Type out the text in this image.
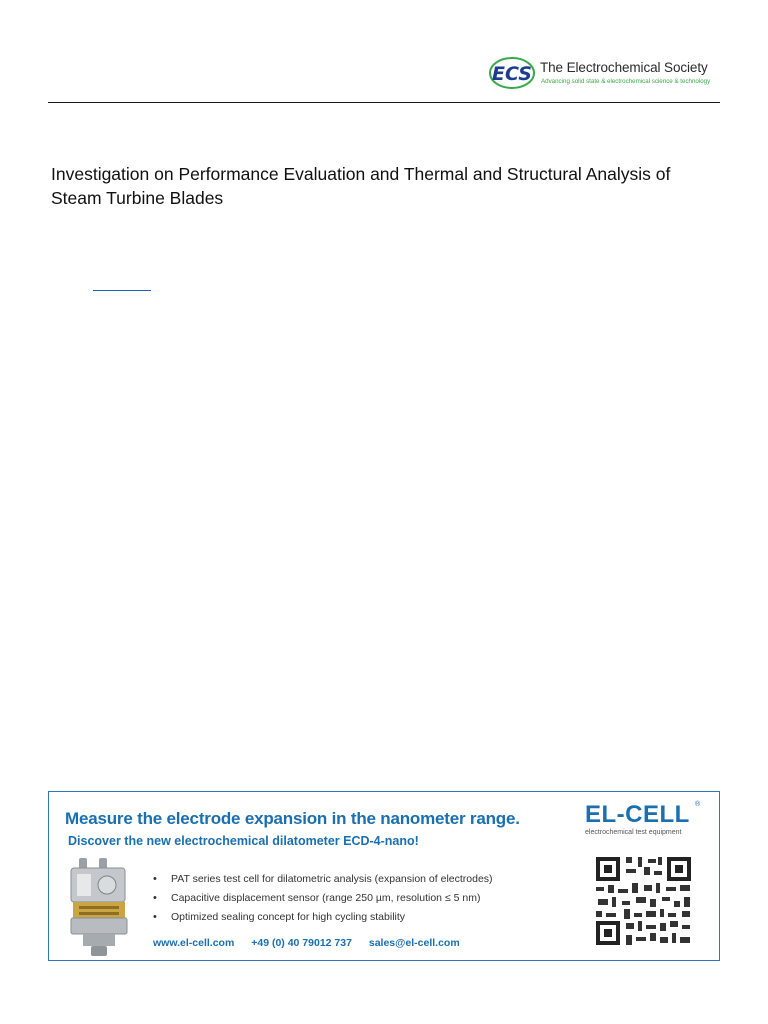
ECS The Electrochemical Society
Advancing solid state & electrochemical science & technology
Investigation on Performance Evaluation and Thermal and Structural Analysis of Steam Turbine Blades
Measure the electrode expansion in the nanometer range.
Discover the new electrochemical dilatometer ECD-4-nano!
EL-CELL ®
electrochemical test equipment
• PAT series test cell for dilatometric analysis (expansion of electrodes)
• Capacitive displacement sensor (range 250 µm, resolution ≤ 5 nm)
• Optimized sealing concept for high cycling stability
www.el-cell.com +49 (0) 40 79012 737 sales@el-cell.com
